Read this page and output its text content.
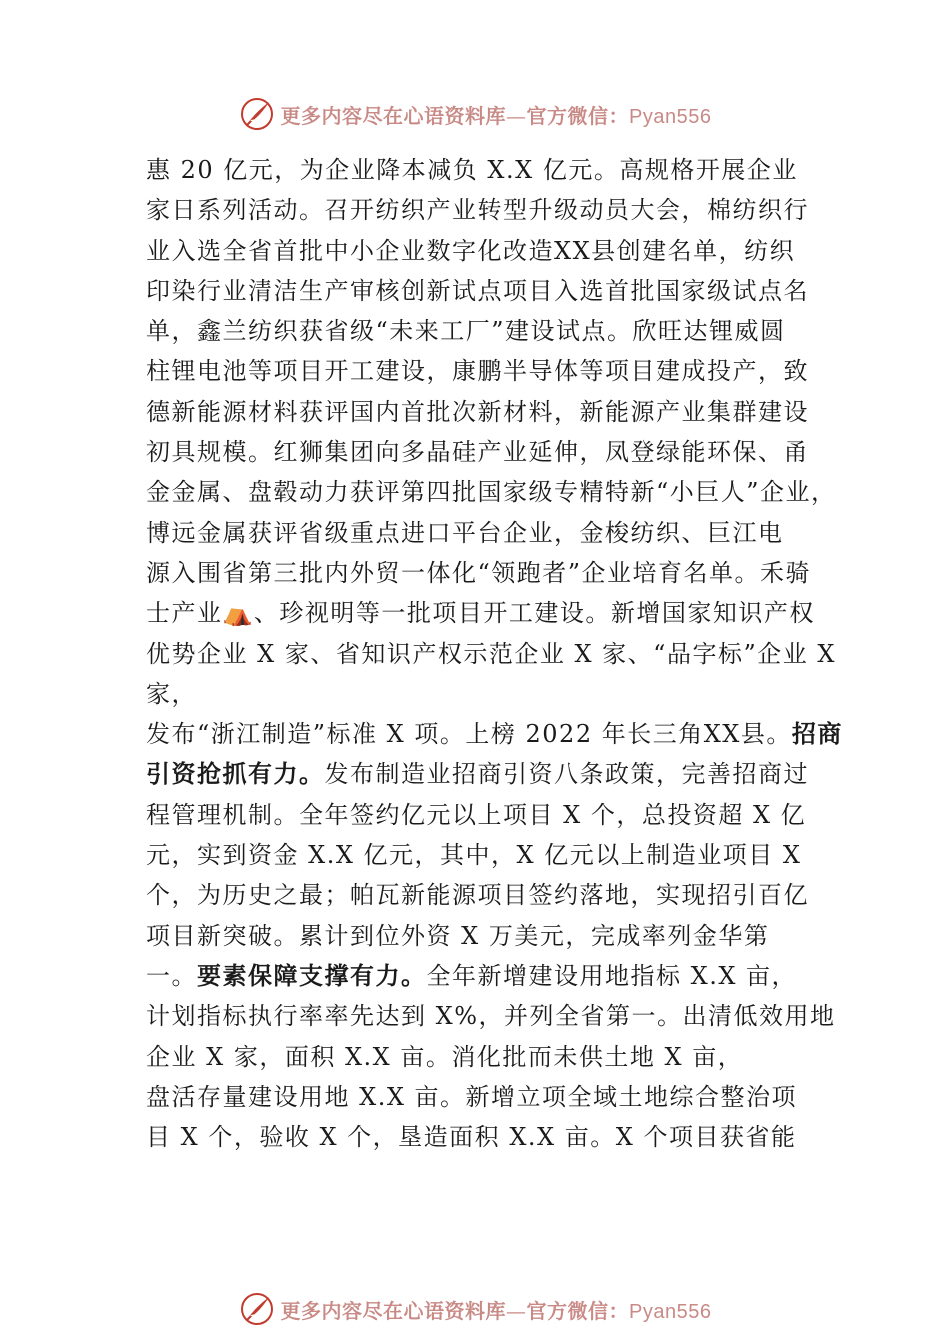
更多内容尽在心语资料库—官方微信：Pyan556
惠 20 亿元，为企业降本减负 X.X 亿元。高规格开展企业
家日系列活动。召开纺织产业转型升级动员大会，棉纺织行
业入选全省首批中小企业数字化改造XX县创建名单，纺织
印染行业清洁生产审核创新试点项目入选首批国家级试点名
单，鑫兰纺织获省级“未来工厂”建设试点。欣旺达锂威圆
柱锂电池等项目开工建设，康鹏半导体等项目建成投产，致
德新能源材料获评国内首批次新材料，新能源产业集群建设
初具规模。红狮集团向多晶硅产业延伸，凤登绿能环保、甬
金金属、盘毂动力获评第四批国家级专精特新“小巨人”企业，
博远金属获评省级重点进口平台企业，金梭纺织、巨江电
源入围省第三批内外贸一体化“领跑者”企业培育名单。禾骑
士产业⛺、珍视明等一批项目开工建设。新增国家知识产权
优势企业 X 家、省知识产权示范企业 X 家、“品字标”企业 X
家，
发布“浙江制造”标准 X 项。上榜 2022 年长三角XX县。招商
引资抢抓有力。发布制造业招商引资八条政策，完善招商过
程管理机制。全年签约亿元以上项目 X 个，总投资超 X 亿
元，实到资金 X.X 亿元，其中，X 亿元以上制造业项目 X
个，为历史之最；帕瓦新能源项目签约落地，实现招引百亿
项目新突破。累计到位外资 X 万美元，完成率列金华第
一。要素保障支撑有力。全年新增建设用地指标 X.X 亩，
计划指标执行率率先达到 X%，并列全省第一。出清低效用地
企业 X 家，面积 X.X 亩。消化批而未供土地 X 亩，
盘活存量建设用地 X.X 亩。新增立项全域土地综合整治项
目 X 个，验收 X 个，垦造面积 X.X 亩。X 个项目获省能
更多内容尽在心语资料库—官方微信：Pyan556
